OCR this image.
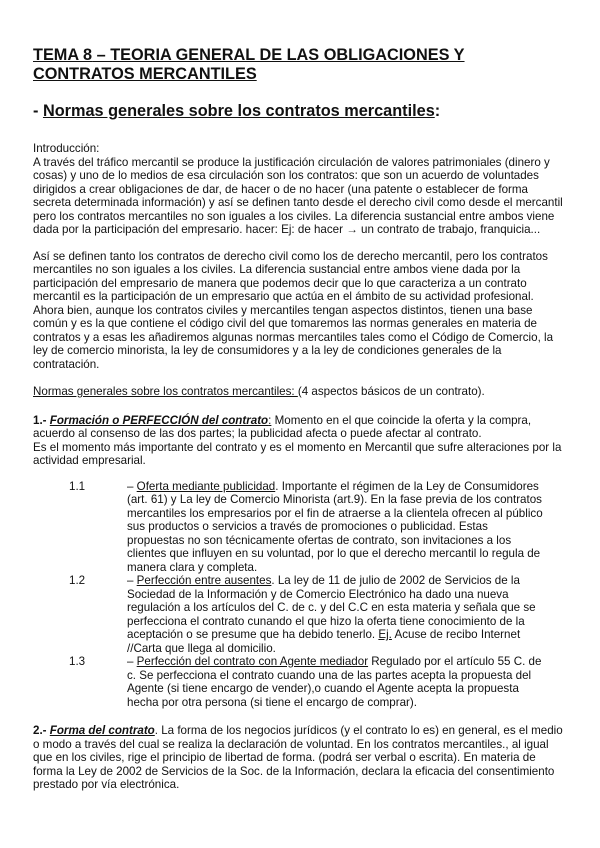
TEMA 8 – TEORIA GENERAL DE LAS OBLIGACIONES Y CONTRATOS MERCANTILES
- Normas generales sobre los contratos mercantiles:

Introducción:

A través del tráfico mercantil se produce la justificación circulación de valores patrimoniales (dinero y cosas) y uno de lo medios de esa circulación son los contratos: que son un acuerdo de voluntades dirigidos a crear obligaciones de dar, de hacer o de no hacer (una patente o establecer de forma secreta determinada información) y así se definen tanto desde el derecho civil como desde el mercantil pero los contratos mercantiles no son iguales a los civiles. La diferencia sustancial entre ambos viene dada por la participación del empresario. hacer: Ej: de hacer → un contrato de trabajo, franquicia...

Así se definen tanto los contratos de derecho civil como los de derecho mercantil, pero los contratos mercantiles no son iguales a los civiles. La diferencia sustancial entre ambos viene dada por la participación del empresario de manera que podemos decir que lo que caracteriza a un contrato mercantil es la participación de un empresario que actúa en el ámbito de su actividad profesional. Ahora bien, aunque los contratos civiles y mercantiles tengan aspectos distintos, tienen una base común y es la que contiene el código civil del que tomaremos las normas generales en materia de contratos y a esas les añadiremos algunas normas mercantiles tales como el Código de Comercio, la ley de comercio minorista, la ley de consumidores y a la ley de condiciones generales de la contratación.

Normas generales sobre los contratos mercantiles: (4 aspectos básicos de un contrato).

1.- Formación o PERFECCIÓN del contrato: Momento en el que coincide la oferta y la compra, acuerdo al consenso de las dos partes; la publicidad afecta o puede afectar al contrato.

Es el momento más importante del contrato y es el momento en Mercantil que sufre alteraciones por la actividad empresarial.

1.1	– Oferta mediante publicidad. Importante el régimen de la Ley de Consumidores (art. 61) y La ley de Comercio Minorista (art.9). En la fase previa de los contratos mercantiles los empresarios por el fin de atraerse a la clientela ofrecen al público sus productos o servicios a través de promociones o publicidad. Estas propuestas no son técnicamente ofertas de contrato, son invitaciones a los clientes que influyen en su voluntad, por lo que el derecho mercantil lo regula de manera clara y completa.
1.2	– Perfección entre ausentes. La ley de 11 de julio de 2002 de Servicios de la Sociedad de la Información y de Comercio Electrónico ha dado una nueva regulación a los artículos del C. de c. y del C.C en esta materia y señala que se perfecciona el contrato cunando el que hizo la oferta tiene conocimiento de la aceptación o se presume que ha debido tenerlo. Ej. Acuse de recibo Internet //Carta que llega al domicilio.
1.3	– Perfección del contrato con Agente mediador Regulado por el artículo 55 C. de c. Se perfecciona el contrato cuando una de las partes acepta la propuesta del Agente (si tiene encargo de vender),o cuando el Agente acepta la propuesta hecha por otra persona (si tiene el encargo de comprar).

2.- Forma del contrato. La forma de los negocios jurídicos (y el contrato lo es) en general, es el medio o modo a través del cual se realiza la declaración de voluntad. En los contratos mercantiles., al igual que en los civiles, rige el principio de libertad de forma. (podrá ser verbal o escrita). En materia de forma la Ley de 2002 de Servicios de la Soc. de la Información, declara la eficacia del consentimiento prestado por vía electrónica.
